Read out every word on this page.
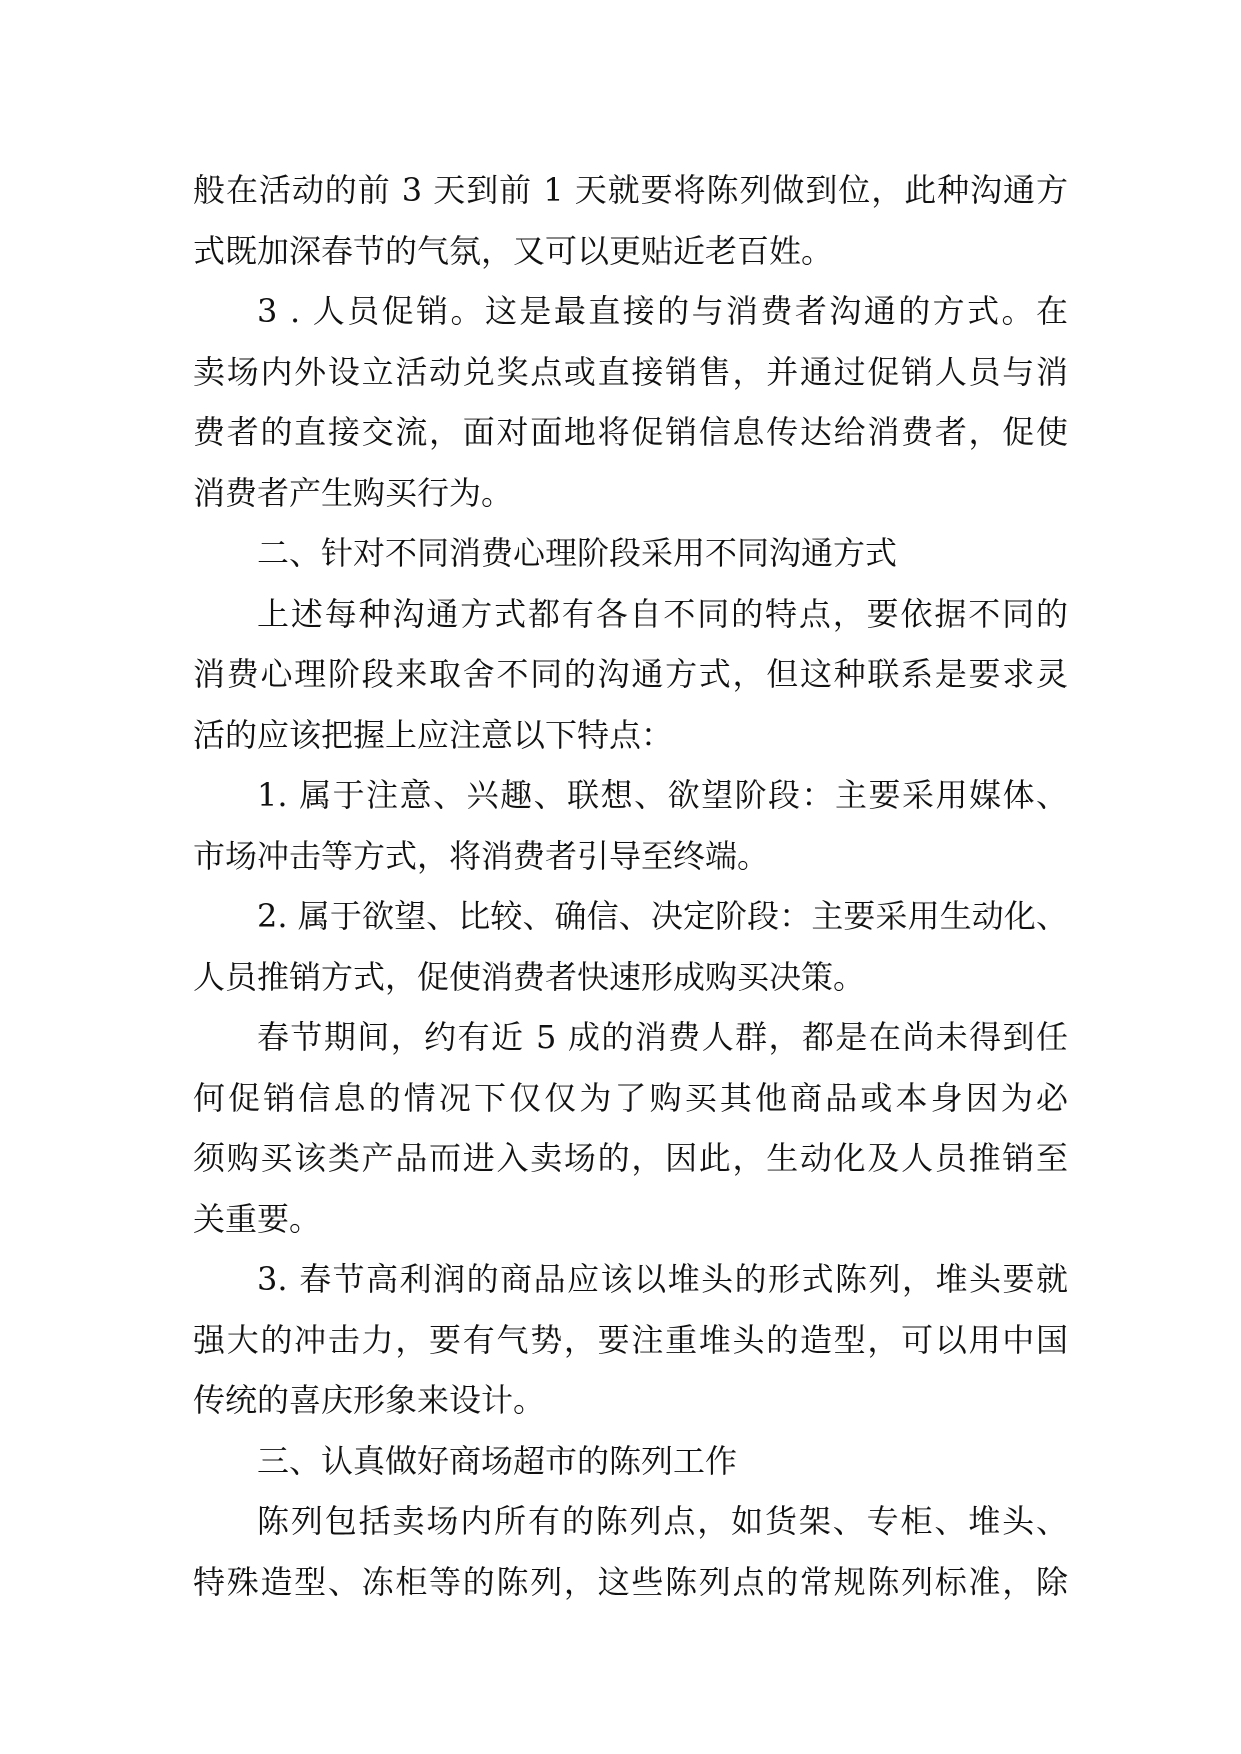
般在活动的前 3 天到前 1 天就要将陈列做到位，此种沟通方
式既加深春节的气氛，又可以更贴近老百姓。
3 . 人员促销。这是最直接的与消费者沟通的方式。在
卖场内外设立活动兑奖点或直接销售，并通过促销人员与消
费者的直接交流，面对面地将促销信息传达给消费者，促使
消费者产生购买行为。
二、针对不同消费心理阶段采用不同沟通方式
上述每种沟通方式都有各自不同的特点，要依据不同的
消费心理阶段来取舍不同的沟通方式，但这种联系是要求灵
活的应该把握上应注意以下特点：
1. 属于注意、兴趣、联想、欲望阶段：主要采用媒体、
市场冲击等方式，将消费者引导至终端。
2. 属于欲望、比较、确信、决定阶段：主要采用生动化、
人员推销方式，促使消费者快速形成购买决策。
春节期间，约有近 5 成的消费人群，都是在尚未得到任
何促销信息的情况下仅仅为了购买其他商品或本身因为必
须购买该类产品而进入卖场的，因此，生动化及人员推销至
关重要。
3. 春节高利润的商品应该以堆头的形式陈列，堆头要就
强大的冲击力，要有气势，要注重堆头的造型，可以用中国
传统的喜庆形象来设计。
三、认真做好商场超市的陈列工作
陈列包括卖场内所有的陈列点，如货架、专柜、堆头、
特殊造型、冻柜等的陈列，这些陈列点的常规陈列标准，除
